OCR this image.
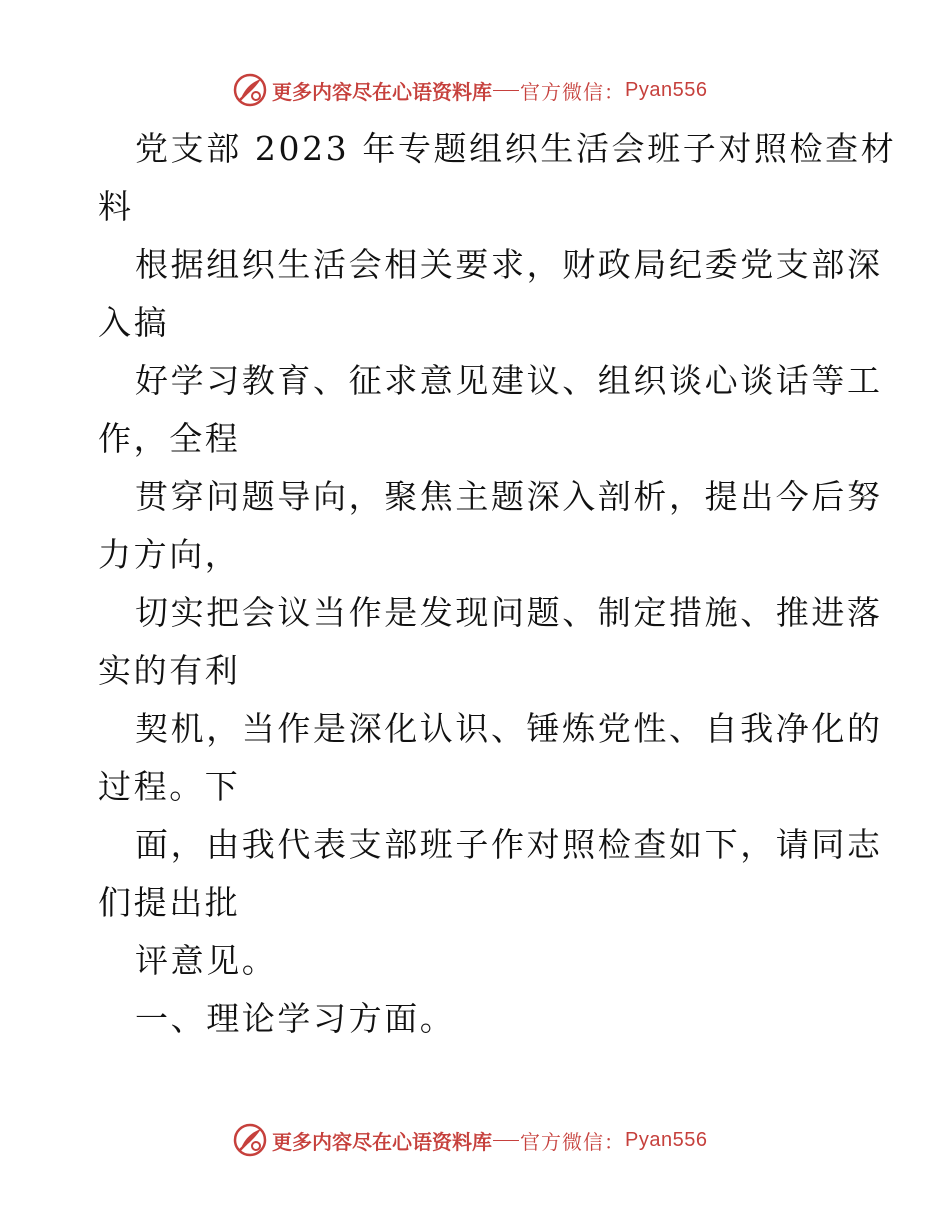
更多内容尽在心语资料库 官方微信： Pyan556
党支部 2023 年专题组织生活会班子对照检查材
料
根据组织生活会相关要求，财政局纪委党支部深
入搞
好学习教育、征求意见建议、组织谈心谈话等工
作，全程
贯穿问题导向，聚焦主题深入剖析，提出今后努
力方向，
切实把会议当作是发现问题、制定措施、推进落
实的有利
契机，当作是深化认识、锤炼党性、自我净化的
过程。下
面，由我代表支部班子作对照检查如下，请同志
们提出批
评意见。
一、理论学习方面。
更多内容尽在心语资料库 官方微信： Pyan556
